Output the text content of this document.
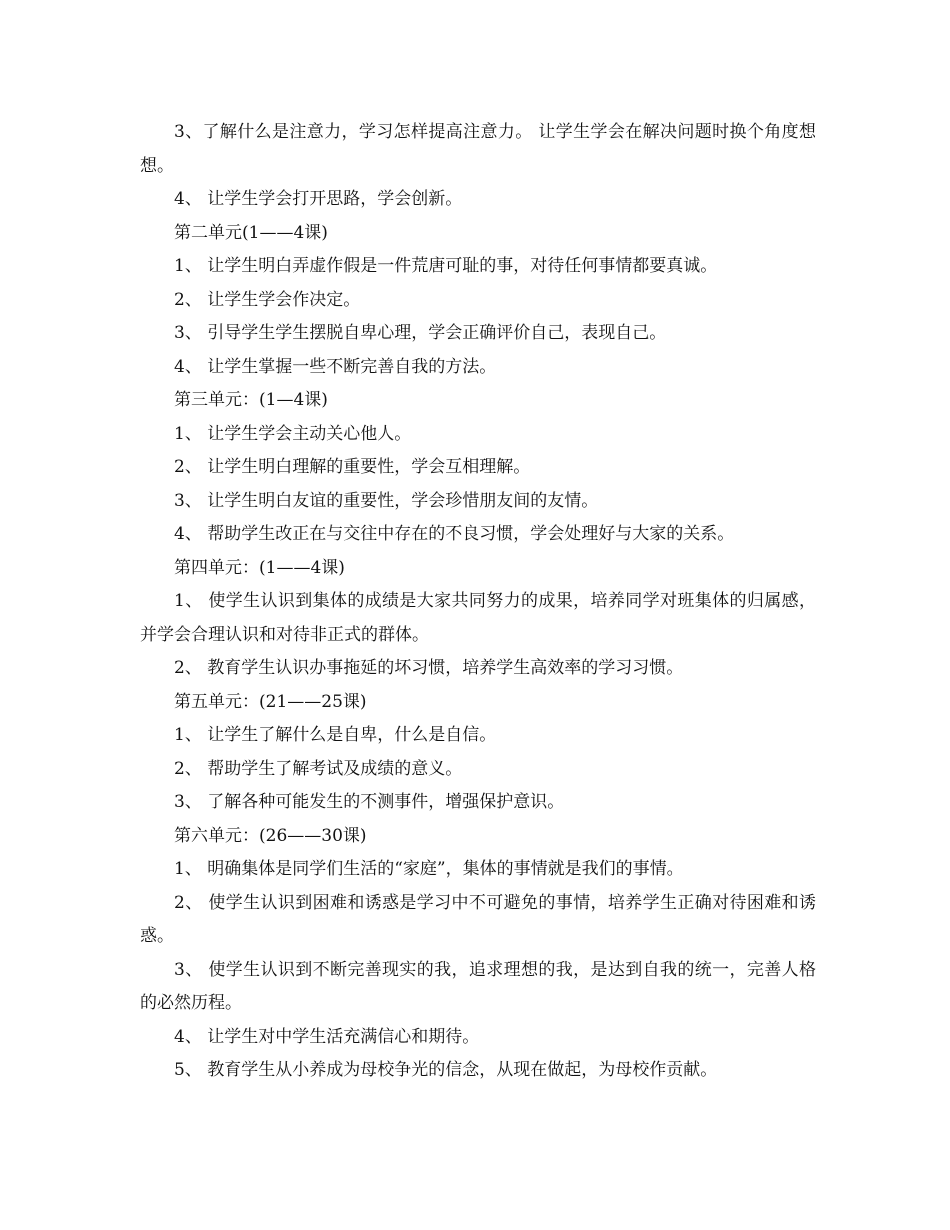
3、了解什么是注意力，学习怎样提高注意力。 让学生学会在解决问题时换个角度想想。

4、 让学生学会打开思路，学会创新。

第二单元(1——4课)

1、 让学生明白弄虚作假是一件荒唐可耻的事，对待任何事情都要真诚。

2、 让学生学会作决定。

3、 引导学生学生摆脱自卑心理，学会正确评价自己，表现自己。

4、 让学生掌握一些不断完善自我的方法。

第三单元：(1—4课)

1、 让学生学会主动关心他人。

2、 让学生明白理解的重要性，学会互相理解。

3、 让学生明白友谊的重要性，学会珍惜朋友间的友情。

4、 帮助学生改正在与交往中存在的不良习惯，学会处理好与大家的关系。

第四单元：(1——4课)

1、 使学生认识到集体的成绩是大家共同努力的成果，培养同学对班集体的归属感，并学会合理认识和对待非正式的群体。

2、 教育学生认识办事拖延的坏习惯，培养学生高效率的学习习惯。

第五单元：(21——25课)

1、 让学生了解什么是自卑，什么是自信。

2、 帮助学生了解考试及成绩的意义。

3、 了解各种可能发生的不测事件，增强保护意识。

第六单元：(26——30课)

1、 明确集体是同学们生活的“家庭”，集体的事情就是我们的事情。

2、 使学生认识到困难和诱惑是学习中不可避免的事情，培养学生正确对待困难和诱惑。

3、 使学生认识到不断完善现实的我，追求理想的我，是达到自我的统一，完善人格的必然历程。

4、 让学生对中学生活充满信心和期待。

5、 教育学生从小养成为母校争光的信念，从现在做起，为母校作贡献。
